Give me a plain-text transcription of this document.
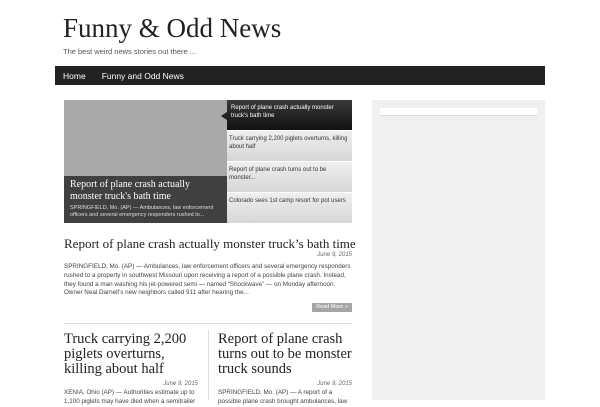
Funny & Odd News
The best weird news stories out there ...
Home	Funny and Odd News
Report of plane crash actually monster truck's bath time
SPRINGFIELD, Mo. (AP) — Ambulances, law enforcement officers and several emergency responders rushed to...
Report of plane crash actually monster truck's bath time
Truck carrying 2,200 piglets overturns, killing about half
Report of plane crash turns out to be monster...
Colorado sees 1st camp resort for pot users
Report of plane crash actually monster truck’s bath time
June 9, 2015
SPRINGFIELD, Mo. (AP) — Ambulances, law enforcement officers and several emergency responders rushed to a property in southwest Missouri upon receiving a report of a possible plane crash. Instead, they found a man washing his jet-powered semi — named “Shockwave” — on Monday afternoon. Owner Neal Darnell’s new neighbors called 911 after hearing the...
Read More »
Truck carrying 2,200 piglets overturns, killing about half
June 9, 2015
XENIA, Ohio (AP) — Authorities estimate up to 1,100 piglets may have died when a semitrailer
Report of plane crash turns out to be monster truck sounds
June 9, 2015
SPRINGFIELD, Mo. (AP) — A report of a possible plane crash brought ambulances, law
